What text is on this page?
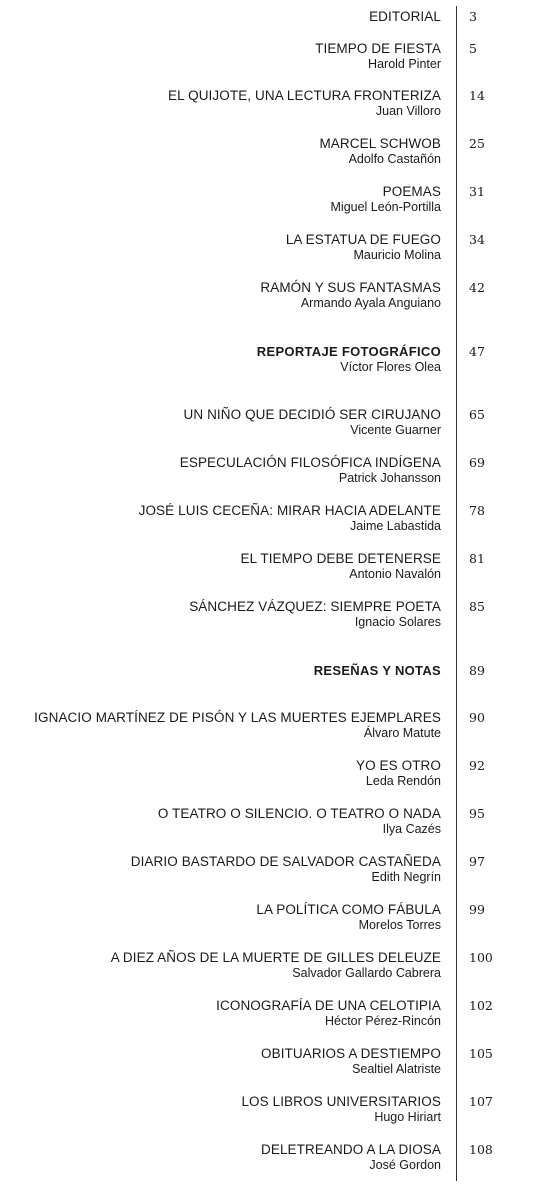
EDITORIAL 3
TIEMPO DE FIESTA
Harold Pinter
5
EL QUIJOTE, UNA LECTURA FRONTERIZA
Juan Villoro
14
MARCEL SCHWOB
Adolfo Castañón
25
POEMAS
Miguel León-Portilla
31
LA ESTATUA DE FUEGO
Mauricio Molina
34
RAMÓN Y SUS FANTASMAS
Armando Ayala Anguiano
42
REPORTAJE FOTOGRÁFICO
Víctor Flores Olea
47
UN NIÑO QUE DECIDIÓ SER CIRUJANO
Vicente Guarner
65
ESPECULACIÓN FILOSÓFICA INDÍGENA
Patrick Johansson
69
JOSÉ LUIS CECEÑA: MIRAR HACIA ADELANTE
Jaime Labastida
78
EL TIEMPO DEBE DETENERSE
Antonio Navalón
81
SÁNCHEZ VÁZQUEZ: SIEMPRE POETA
Ignacio Solares
85
RESEÑAS Y NOTAS 89
IGNACIO MARTÍNEZ DE PISÓN Y LAS MUERTES EJEMPLARES
Álvaro Matute
90
YO ES OTRO
Leda Rendón
92
O TEATRO O SILENCIO. O TEATRO O NADA
Ilya Cazés
95
DIARIO BASTARDO DE SALVADOR CASTAÑEDA
Edith Negrín
97
LA POLÍTICA COMO FÁBULA
Morelos Torres
99
A DIEZ AÑOS DE LA MUERTE DE GILLES DELEUZE
Salvador Gallardo Cabrera
100
ICONOGRAFÍA DE UNA CELOTIPIA
Héctor Pérez-Rincón
102
OBITUARIOS A DESTIEMPO
Sealtiel Alatriste
105
LOS LIBROS UNIVERSITARIOS
Hugo Hiriart
107
DELETREANDO A LA DIOSA
José Gordon
108
